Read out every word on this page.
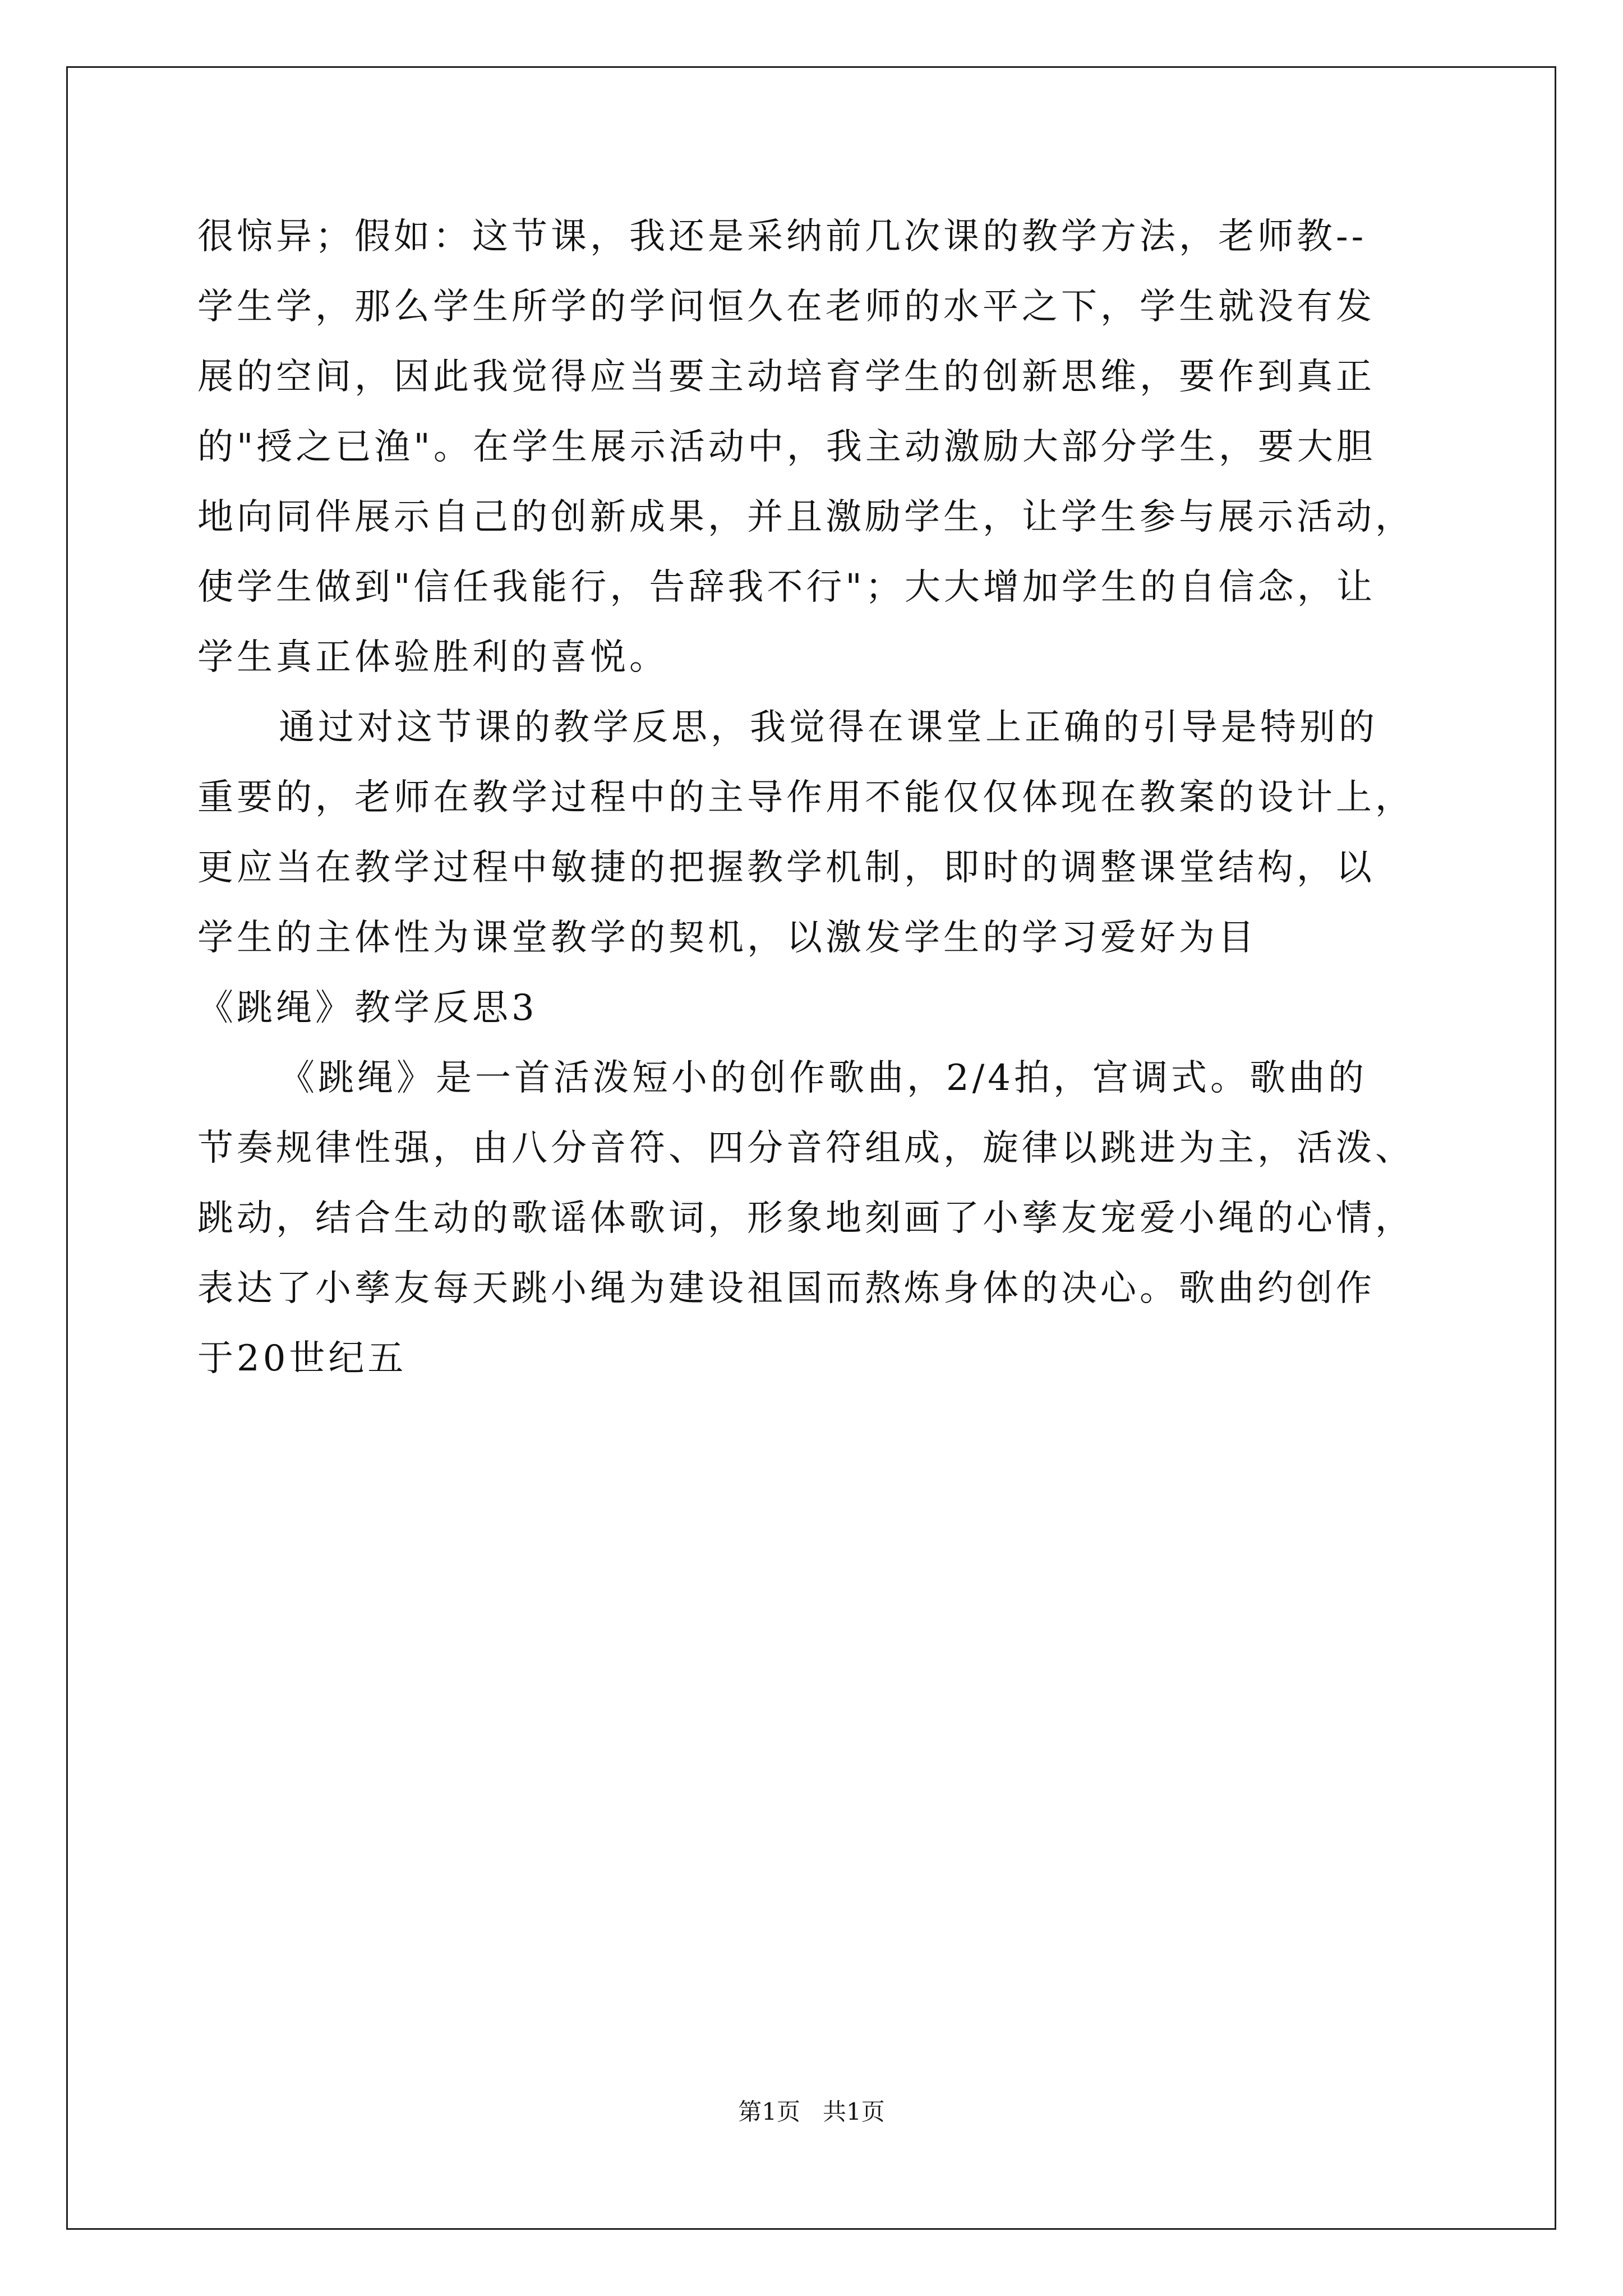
很惊异；假如：这节课，我还是采纳前几次课的教学方法，老师教--

学生学，那么学生所学的学问恒久在老师的水平之下，学生就没有发

展的空间，因此我觉得应当要主动培育学生的创新思维，要作到真正

的"授之已渔"。在学生展示活动中，我主动激励大部分学生，要大胆

地向同伴展示自己的创新成果，并且激励学生，让学生参与展示活动，

使学生做到"信任我能行，告辞我不行"；大大增加学生的自信念，让

学生真正体验胜利的喜悦。

通过对这节课的教学反思，我觉得在课堂上正确的引导是特别的

重要的，老师在教学过程中的主导作用不能仅仅体现在教案的设计上，

更应当在教学过程中敏捷的把握教学机制，即时的调整课堂结构，以

学生的主体性为课堂教学的契机，以激发学生的学习爱好为目

《跳绳》教学反思3

《跳绳》是一首活泼短小的创作歌曲，2/4拍，宫调式。歌曲的

节奏规律性强，由八分音符、四分音符组成，旋律以跳进为主，活泼、

跳动，结合生动的歌谣体歌词，形象地刻画了小孳友宠爱小绳的心情，

表达了小孳友每天跳小绳为建设祖国而熬炼身体的决心。歌曲约创作

于20世纪五

第1页   共1页
